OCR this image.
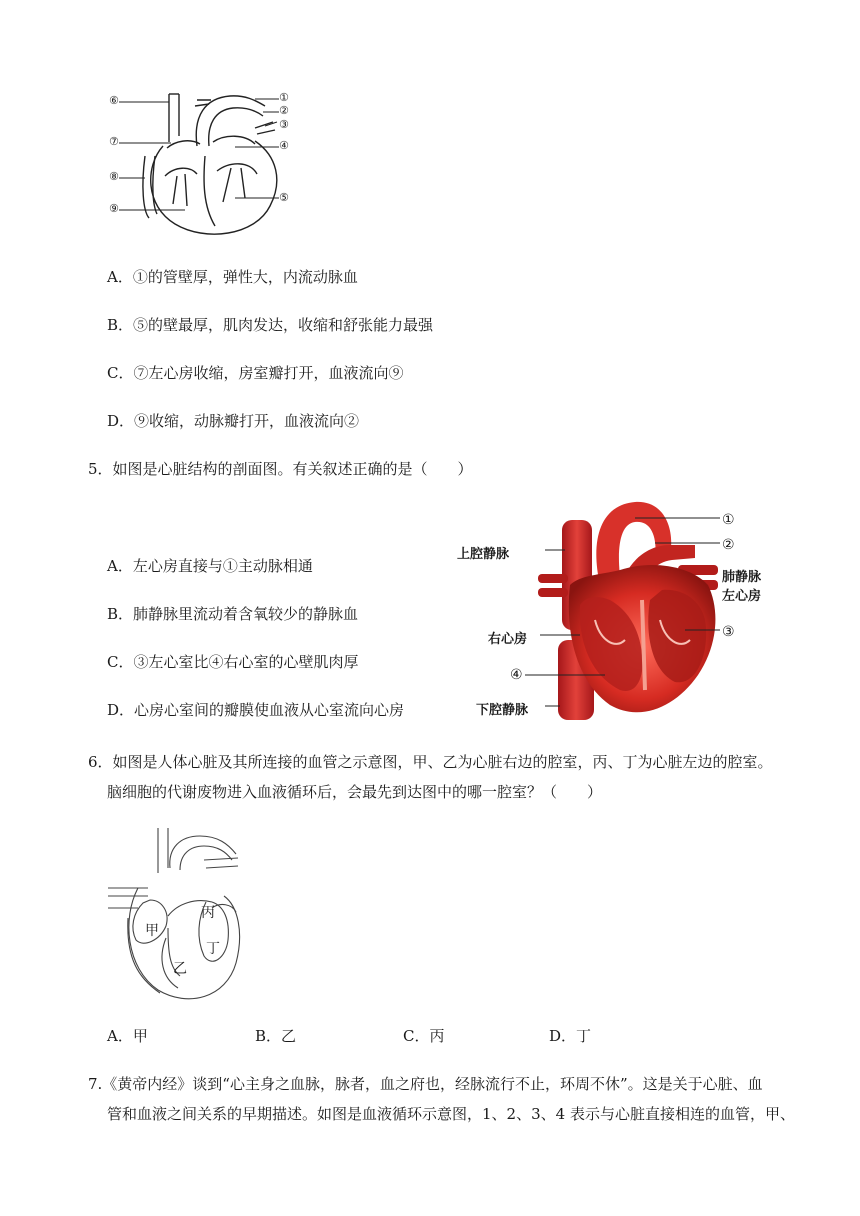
⑥	①
②
③
⑦	④
⑧
⑨
⑤
A．①的管壁厚，弹性大，内流动脉血
B．⑤的壁最厚，肌肉发达，收缩和舒张能力最强
C．⑦左心房收缩，房室瓣打开，血液流向⑨
D．⑨收缩，动脉瓣打开，血液流向②
5．如图是心脏结构的剖面图。有关叙述正确的是（　　）
A．左心房直接与①主动脉相通
B．肺静脉里流动着含氧较少的静脉血
C．③左心室比④右心室的心壁肌肉厚
D．心房心室间的瓣膜使血液从心室流向心房
①
②
上腔静脉
肺静脉
左心房
③
右心房
④
下腔静脉
6．如图是人体心脏及其所连接的血管之示意图，甲、乙为心脏右边的腔室，丙、丁为心脏左边的腔室。
脑细胞的代谢废物进入血液循环后，会最先到达图中的哪一腔室？（　　）
甲
乙
丙
丁
A．甲	B．乙	C．丙	D．丁
7.《黄帝内经》谈到“心主身之血脉，脉者，血之府也，经脉流行不止，环周不休”。这是关于心脏、血
管和血液之间关系的早期描述。如图是血液循环示意图，1、2、3、4 表示与心脏直接相连的血管，甲、
